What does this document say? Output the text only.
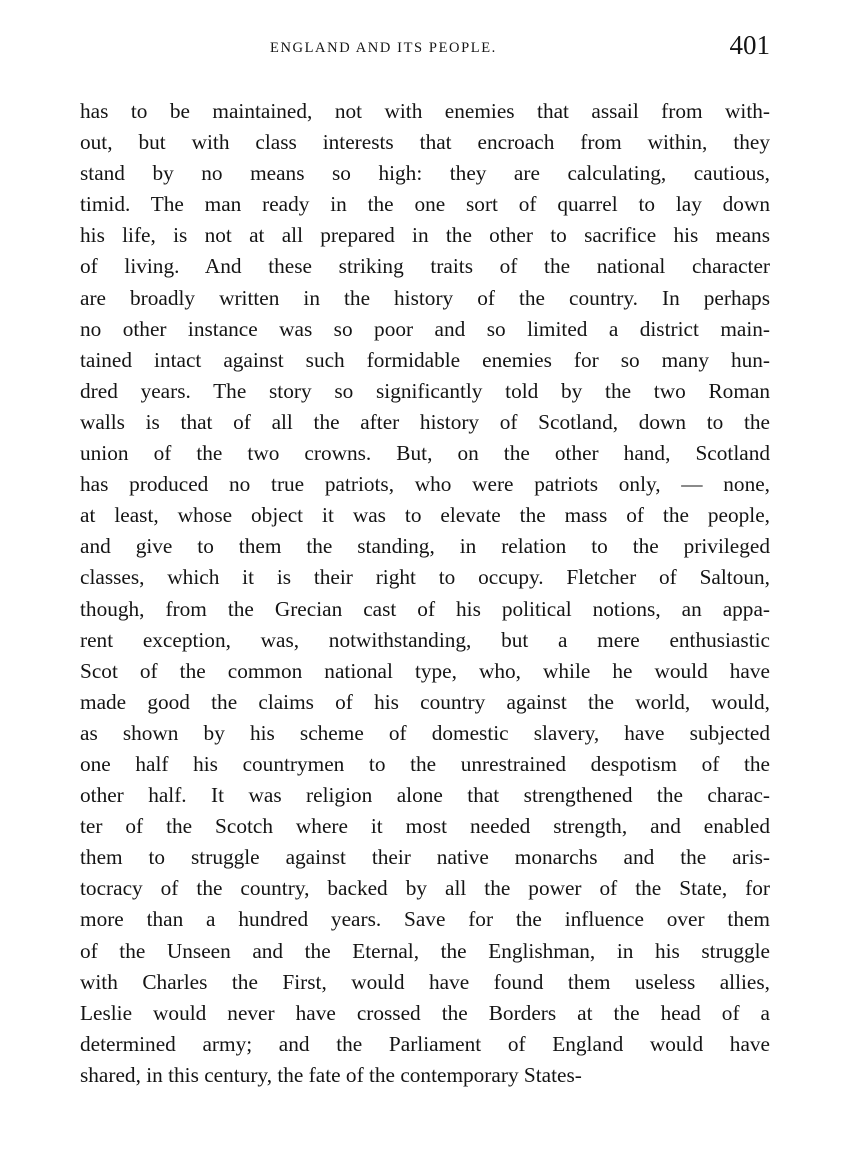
ENGLAND AND ITS PEOPLE.	401
has to be maintained, not with enemies that assail from with-
out, but with class interests that encroach from within, they
stand by no means so high: they are calculating, cautious,
timid. The man ready in the one sort of quarrel to lay down
his life, is not at all prepared in the other to sacrifice his means
of living. And these striking traits of the national character
are broadly written in the history of the country. In perhaps
no other instance was so poor and so limited a district main-
tained intact against such formidable enemies for so many hun-
dred years. The story so significantly told by the two Roman
walls is that of all the after history of Scotland, down to the
union of the two crowns. But, on the other hand, Scotland
has produced no true patriots, who were patriots only, — none,
at least, whose object it was to elevate the mass of the people,
and give to them the standing, in relation to the privileged
classes, which it is their right to occupy. Fletcher of Saltoun,
though, from the Grecian cast of his political notions, an appa-
rent exception, was, notwithstanding, but a mere enthusiastic
Scot of the common national type, who, while he would have
made good the claims of his country against the world, would,
as shown by his scheme of domestic slavery, have subjected
one half his countrymen to the unrestrained despotism of the
other half. It was religion alone that strengthened the charac-
ter of the Scotch where it most needed strength, and enabled
them to struggle against their native monarchs and the aris-
tocracy of the country, backed by all the power of the State, for
more than a hundred years. Save for the influence over them
of the Unseen and the Eternal, the Englishman, in his struggle
with Charles the First, would have found them useless allies,
Leslie would never have crossed the Borders at the head of a
determined army; and the Parliament of England would have
shared, in this century, the fate of the contemporary States-
